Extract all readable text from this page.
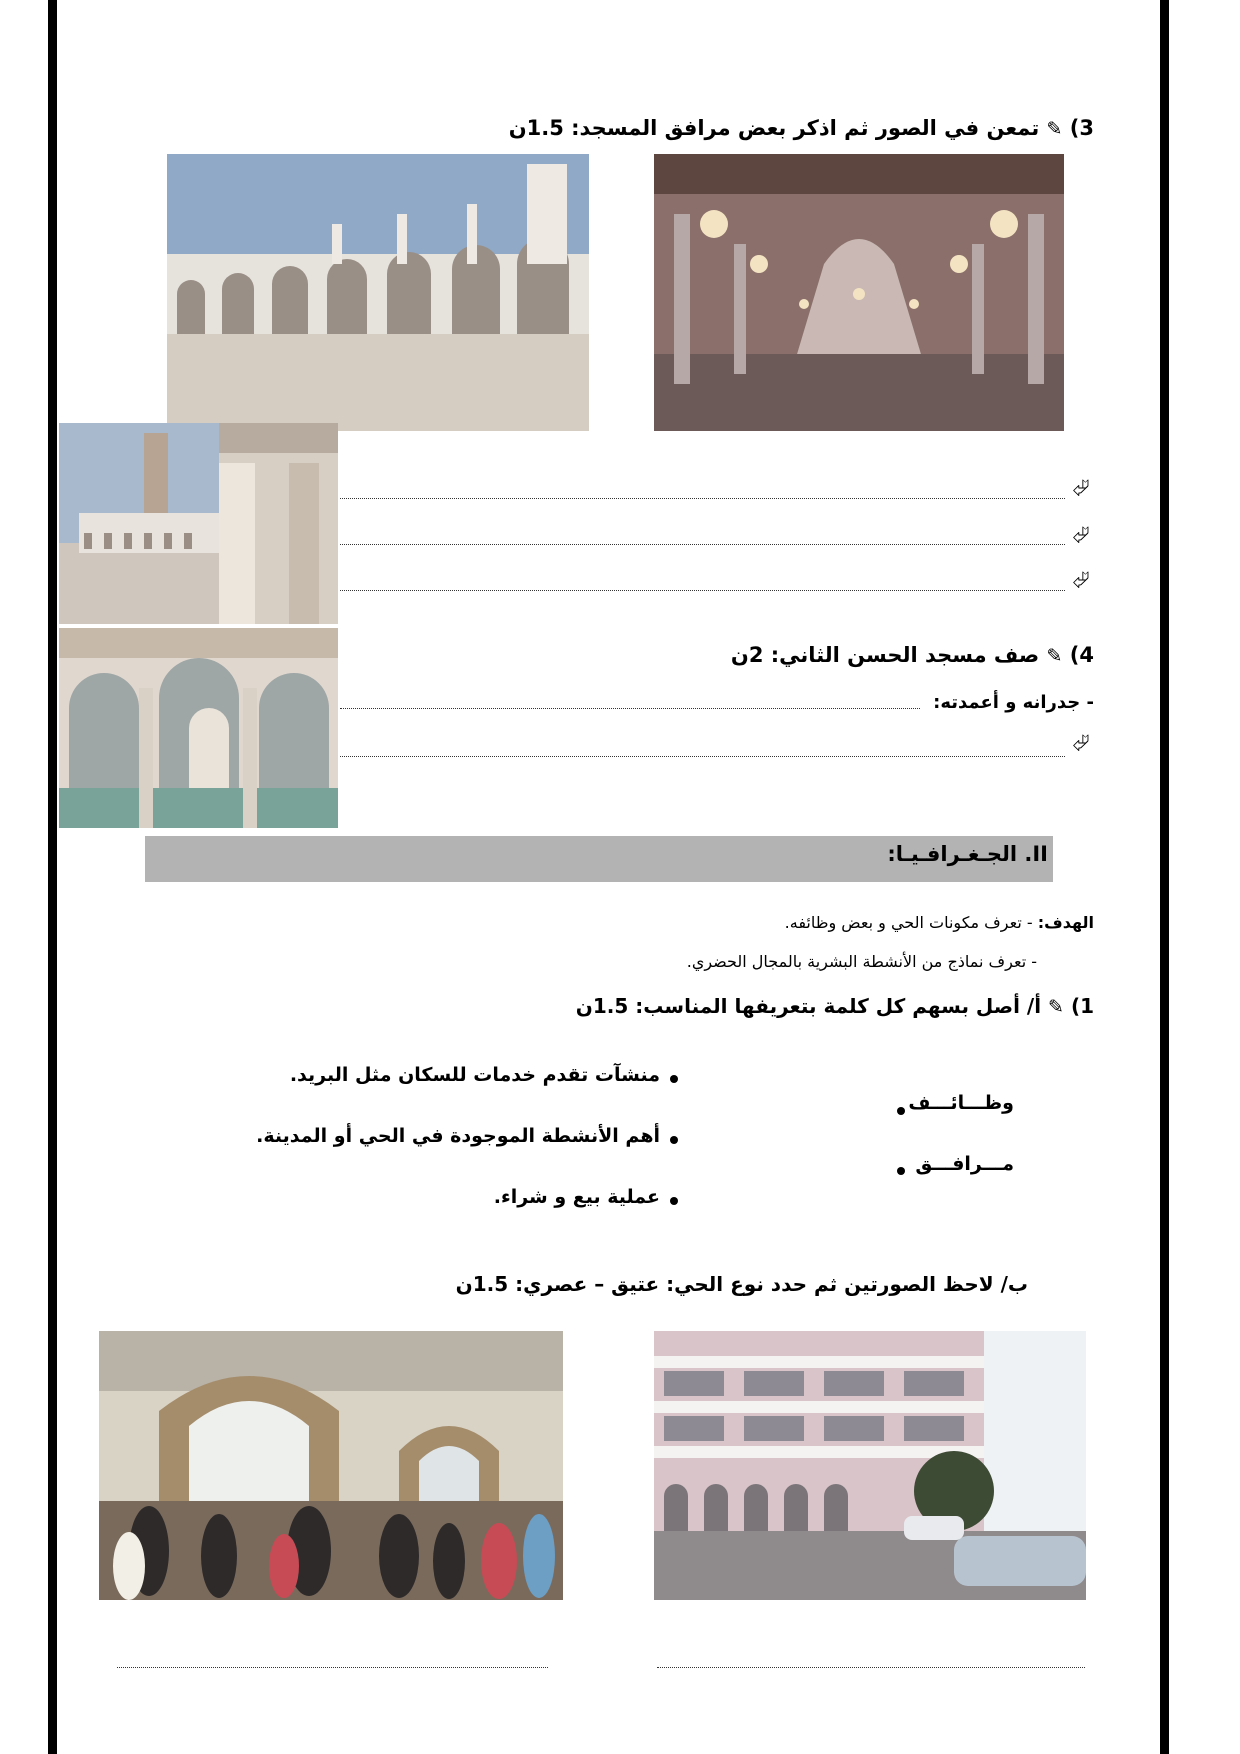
3) ✎ تمعن في الصور ثم اذكر بعض مرافق المسجد: 1.5ن
⮰
⮰
⮰
4) ✎ صف مسجد الحسن الثاني: 2ن
- جدرانه و أعمدته:
⮰
II. الجـغـرافـيـا:
الهدف: - تعرف مكونات الحي و بعض وظائفه.
- تعرف نماذج من الأنشطة البشرية بالمجال الحضري.
1) ✎ أ/ أصل بسهم كل كلمة بتعريفها المناسب: 1.5ن
منشآت تقدم خدمات للسكان مثل البريد.
أهم الأنشطة الموجودة في الحي أو المدينة.
عملية بيع و شراء.
وظـــائـــف
مـــرافـــق
ب/ لاحظ الصورتين ثم حدد نوع الحي: عتيق – عصري: 1.5ن
